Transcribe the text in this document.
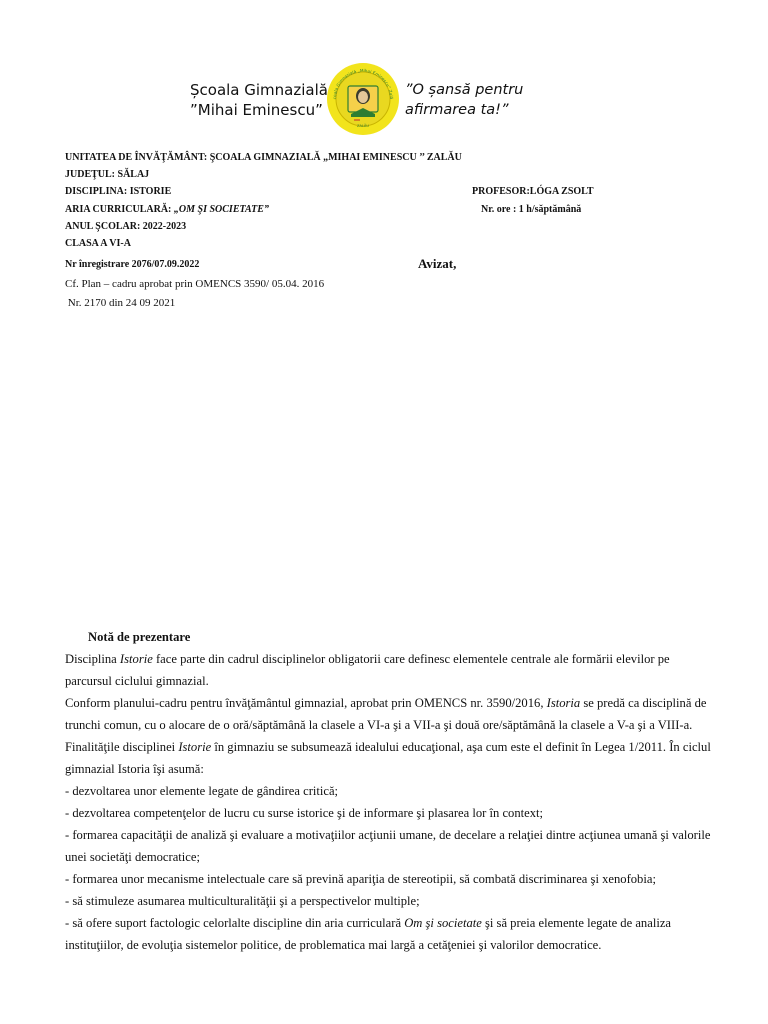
Școala Gimnazială
”Mihai Eminescu”
coala Gimnazială „Mihai Eminescu” Zală
ZALĂU
”O șansă pentru
afirmarea ta!”
UNITATEA DE ÎNVĂŢĂMÂNT: ŞCOALA GIMNAZIALĂ „MIHAI EMINESCU ’’ ZALĂU
JUDEŢUL: SĂLAJ
DISCIPLINA: ISTORIE	PROFESOR:LÓGA ZSOLT
ARIA CURRICULARĂ: „OM ŞI SOCIETATE”	Nr. ore : 1 h/săptămână
ANUL ŞCOLAR: 2022-2023
CLASA A VI-A
Nr înregistrare 2076/07.09.2022	Avizat,
Cf. Plan – cadru aprobat prin OMENCS 3590/ 05.04. 2016
Nr. 2170 din 24 09 2021

Notă de prezentare

Disciplina Istorie face parte din cadrul disciplinelor obligatorii care definesc elementele centrale ale formării elevilor pe parcursul ciclului gimnazial.

Conform planului-cadru pentru învăţământul gimnazial, aprobat prin OMENCS nr. 3590/2016, Istoria se predă ca disciplină de trunchi comun, cu o alocare de o oră/săptămână la clasele a VI-a şi a VII-a şi două ore/săptămână la clasele a V-a şi a VIII-a.

Finalităţile disciplinei Istorie în gimnaziu se subsumează idealului educaţional, aşa cum este el definit în Legea 1/2011. În ciclul gimnazial Istoria îşi asumă:

- dezvoltarea unor elemente legate de gândirea critică;

- dezvoltarea competenţelor de lucru cu surse istorice şi de informare şi plasarea lor în context;

- formarea capacităţii de analiză şi evaluare a motivaţiilor acţiunii umane, de decelare a relaţiei dintre acţiunea umană şi valorile unei societăţi democratice;

- formarea unor mecanisme intelectuale care să prevină apariţia de stereotipii, să combată discriminarea şi xenofobia;

- să stimuleze asumarea multiculturalităţii şi a perspectivelor multiple;

- să ofere suport factologic celorlalte discipline din aria curriculară Om şi societate şi să preia elemente legate de analiza instituţiilor, de evoluţia sistemelor politice, de problematica mai largă a cetăţeniei şi valorilor democratice.
